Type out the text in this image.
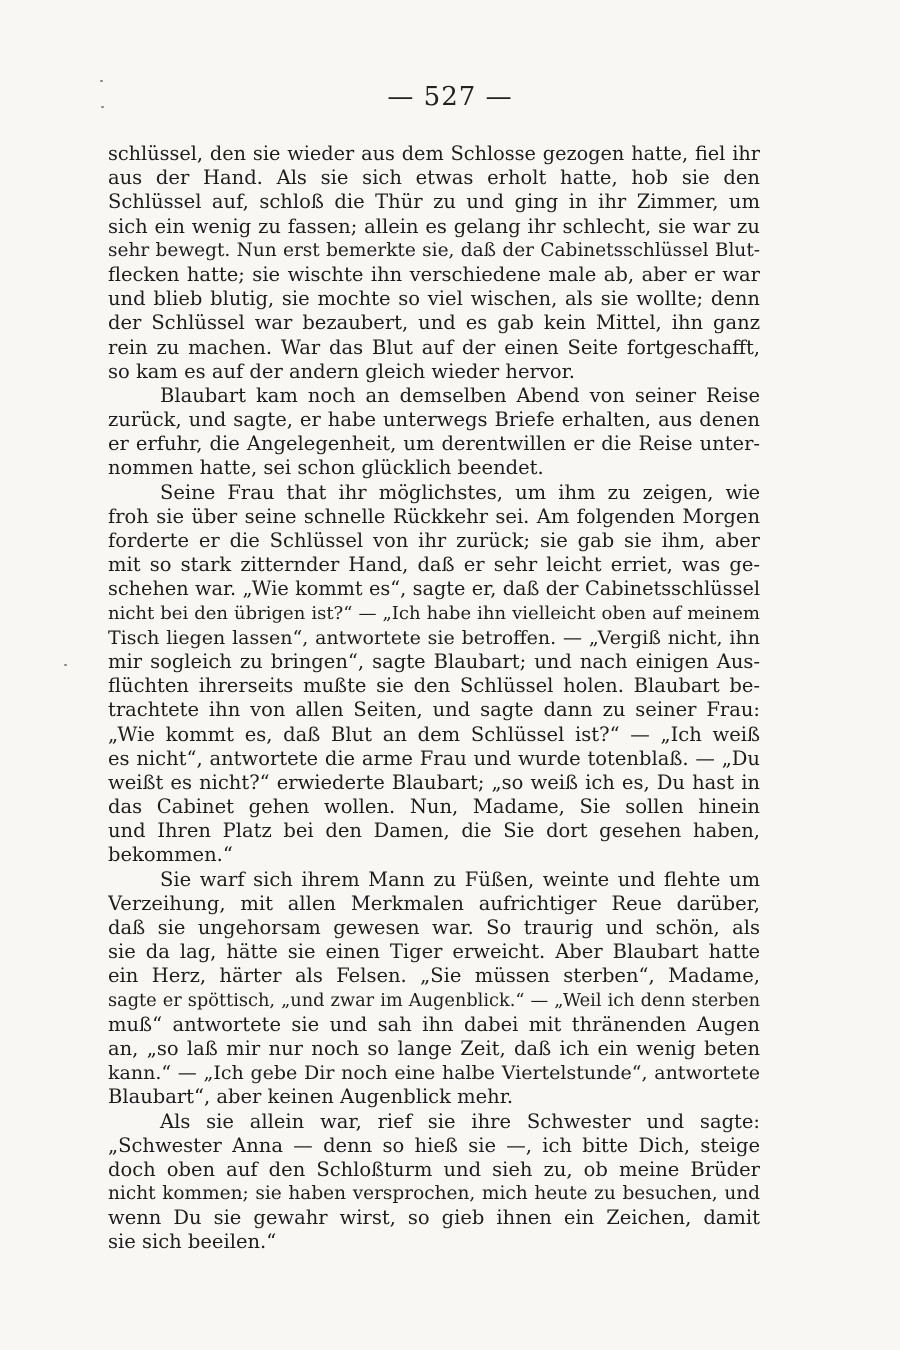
— 527 —
schlüssel, den sie wieder aus dem Schlosse gezogen hatte, fiel ihr
aus der Hand. Als sie sich etwas erholt hatte, hob sie den
Schlüssel auf, schloß die Thür zu und ging in ihr Zimmer, um
sich ein wenig zu fassen; allein es gelang ihr schlecht, sie war zu
sehr bewegt. Nun erst bemerkte sie, daß der Cabinetsschlüssel Blut-
flecken hatte; sie wischte ihn verschiedene male ab, aber er war
und blieb blutig, sie mochte so viel wischen, als sie wollte; denn
der Schlüssel war bezaubert, und es gab kein Mittel, ihn ganz
rein zu machen. War das Blut auf der einen Seite fortgeschafft,
so kam es auf der andern gleich wieder hervor.
Blaubart kam noch an demselben Abend von seiner Reise
zurück, und sagte, er habe unterwegs Briefe erhalten, aus denen
er erfuhr, die Angelegenheit, um derentwillen er die Reise unter-
nommen hatte, sei schon glücklich beendet.
Seine Frau that ihr möglichstes, um ihm zu zeigen, wie
froh sie über seine schnelle Rückkehr sei. Am folgenden Morgen
forderte er die Schlüssel von ihr zurück; sie gab sie ihm, aber
mit so stark zitternder Hand, daß er sehr leicht erriet, was ge-
schehen war. „Wie kommt es“, sagte er, daß der Cabinetsschlüssel
nicht bei den übrigen ist?“ — „Ich habe ihn vielleicht oben auf meinem
Tisch liegen lassen“, antwortete sie betroffen. — „Vergiß nicht, ihn
mir sogleich zu bringen“, sagte Blaubart; und nach einigen Aus-
flüchten ihrerseits mußte sie den Schlüssel holen. Blaubart be-
trachtete ihn von allen Seiten, und sagte dann zu seiner Frau:
„Wie kommt es, daß Blut an dem Schlüssel ist?“ — „Ich weiß
es nicht“, antwortete die arme Frau und wurde totenblaß. — „Du
weißt es nicht?“ erwiederte Blaubart; „so weiß ich es, Du hast in
das Cabinet gehen wollen. Nun, Madame, Sie sollen hinein
und Ihren Platz bei den Damen, die Sie dort gesehen haben,
bekommen.“
Sie warf sich ihrem Mann zu Füßen, weinte und flehte um
Verzeihung, mit allen Merkmalen aufrichtiger Reue darüber,
daß sie ungehorsam gewesen war. So traurig und schön, als
sie da lag, hätte sie einen Tiger erweicht. Aber Blaubart hatte
ein Herz, härter als Felsen. „Sie müssen sterben“, Madame,
sagte er spöttisch, „und zwar im Augenblick.“ — „Weil ich denn sterben
muß“ antwortete sie und sah ihn dabei mit thränenden Augen
an, „so laß mir nur noch so lange Zeit, daß ich ein wenig beten
kann.“ — „Ich gebe Dir noch eine halbe Viertelstunde“, antwortete
Blaubart“, aber keinen Augenblick mehr.
Als sie allein war, rief sie ihre Schwester und sagte:
„Schwester Anna — denn so hieß sie —, ich bitte Dich, steige
doch oben auf den Schloßturm und sieh zu, ob meine Brüder
nicht kommen; sie haben versprochen, mich heute zu besuchen, und
wenn Du sie gewahr wirst, so gieb ihnen ein Zeichen, damit
sie sich beeilen.“
